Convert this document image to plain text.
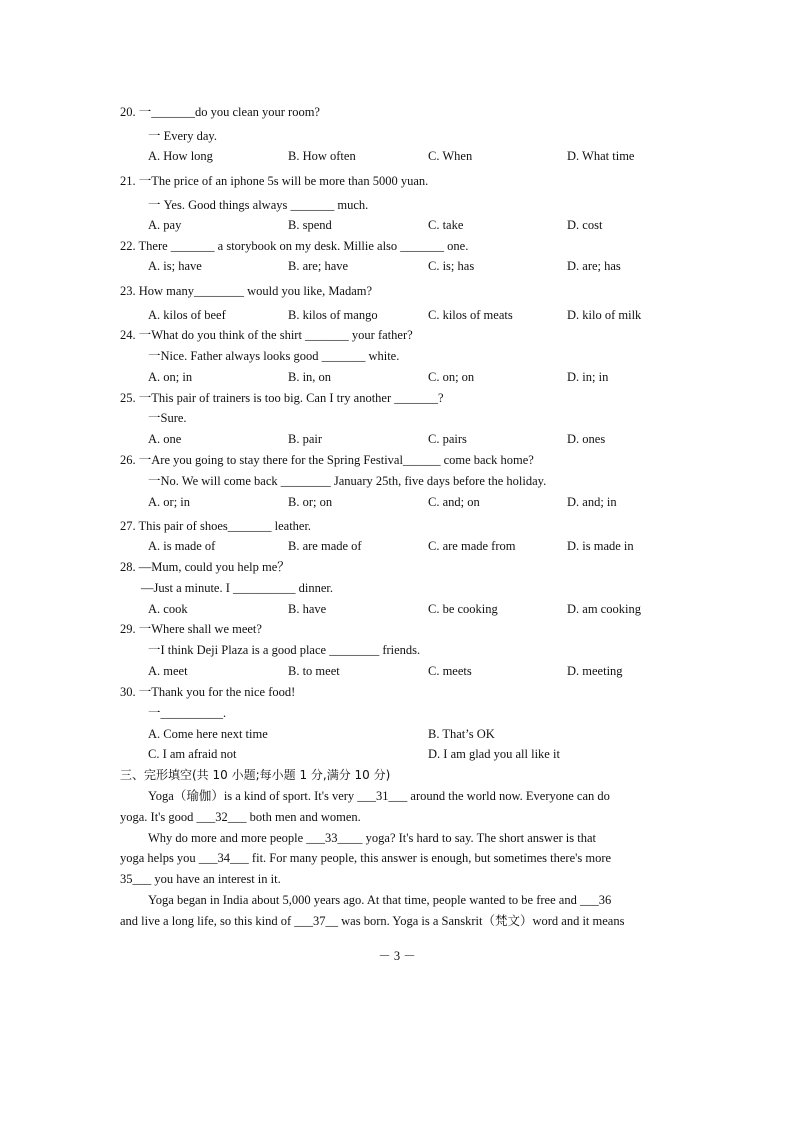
20. 一_______do you clean your room?
一 Every day.
A. How long	B. How often	C. When	D. What time
21. 一The price of an iphone 5s will be more than 5000 yuan.
一 Yes. Good things always _______ much.
A. pay	B. spend	C. take	D. cost
22. There _______ a storybook on my desk. Millie also _______ one.
A. is; have	B. are; have	C. is; has	D. are; has
23. How many________ would you like, Madam?
A. kilos of beef	B. kilos of mango	C. kilos of meats	D. kilo of milk
24. 一What do you think of the shirt _______ your father?
一Nice. Father always looks good _______ white.
A. on; in	B. in, on	C. on; on	D. in; in
25. 一This pair of trainers is too big. Can I try another _______?
一Sure.
A. one	B. pair	C. pairs	D. ones
26. 一Are you going to stay there for the Spring Festival______ come back home?
一No. We will come back ________ January 25th, five days before the holiday.
A. or; in	B. or; on	C. and; on	D. and; in
27. This pair of shoes_______ leather.
A. is made of	B. are made of	C. are made from	D. is made in
28. —Mum, could you help me？
—Just a minute. I __________ dinner.
A. cook	B. have	C. be cooking	D. am cooking
29. 一Where shall we meet?
一I think Deji Plaza is a good place ________ friends.
A. meet	B. to meet	C. meets	D. meeting
30. 一Thank you for the nice food!
一__________.
A. Come here next time	B. That’s OK
C. I am afraid not	D. I am glad you all like it
三、完形填空(共 10 小题;每小题 1 分,满分 10 分)
Yoga（瑜伽）is a kind of sport. It's very ___31___ around the world now. Everyone can do
yoga. It's good ___32___ both men and women.
Why do more and more people ___33____ yoga? It's hard to say. The short answer is that
yoga helps you ___34___ fit. For many people, this answer is enough, but sometimes there's more
35___ you have an interest in it.
Yoga began in India about 5,000 years ago. At that time, people wanted to be free and ___36
and live a long life, so this kind of ___37__ was born. Yoga is a Sanskrit（梵文）word and it means
－ 3 －
